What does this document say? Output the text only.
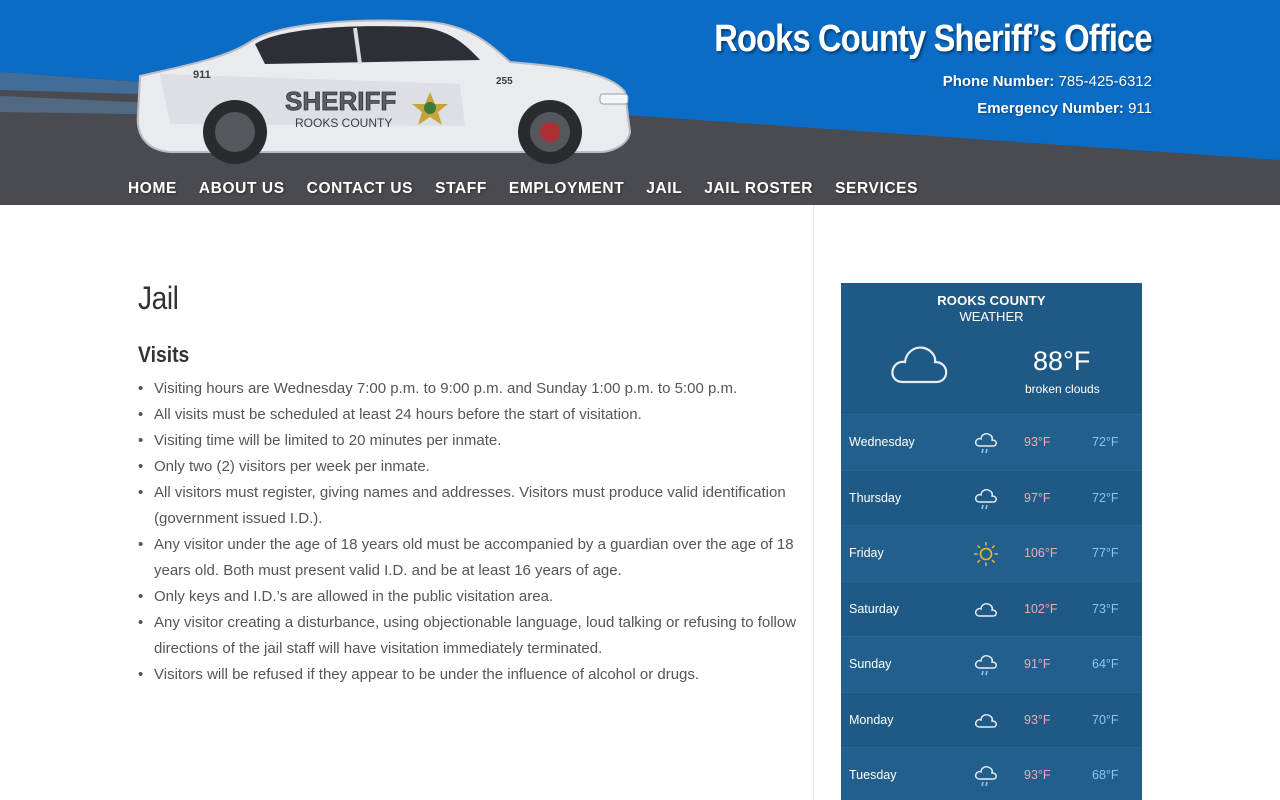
SHERIFF
ROOKS COUNTY
911
255
Rooks County Sheriff’s Office
Phone Number: 785-425-6312
Emergency Number: 911
HOME ABOUT US CONTACT US STAFF EMPLOYMENT JAIL JAIL ROSTER SERVICES
Jail
Visits
• Visiting hours are Wednesday 7:00 p.m. to 9:00 p.m. and Sunday 1:00 p.m. to 5:00 p.m.
• All visits must be scheduled at least 24 hours before the start of visitation.
• Visiting time will be limited to 20 minutes per inmate.
• Only two (2) visitors per week per inmate.
• All visitors must register, giving names and addresses. Visitors must produce valid identification (government issued I.D.).
• Any visitor under the age of 18 years old must be accompanied by a guardian over the age of 18 years old. Both must present valid I.D. and be at least 16 years of age.
• Only keys and I.D.’s are allowed in the public visitation area.
• Any visitor creating a disturbance, using objectionable language, loud talking or refusing to follow directions of the jail staff will have visitation immediately terminated.
• Visitors will be refused if they appear to be under the influence of alcohol or drugs.
ROOKS COUNTY
WEATHER
88°F
broken clouds
Wednesday	93°F	72°F
Thursday	97°F	72°F
Friday	106°F	77°F
Saturday	102°F	73°F
Sunday	91°F	64°F
Monday	93°F	70°F
Tuesday	93°F	68°F
